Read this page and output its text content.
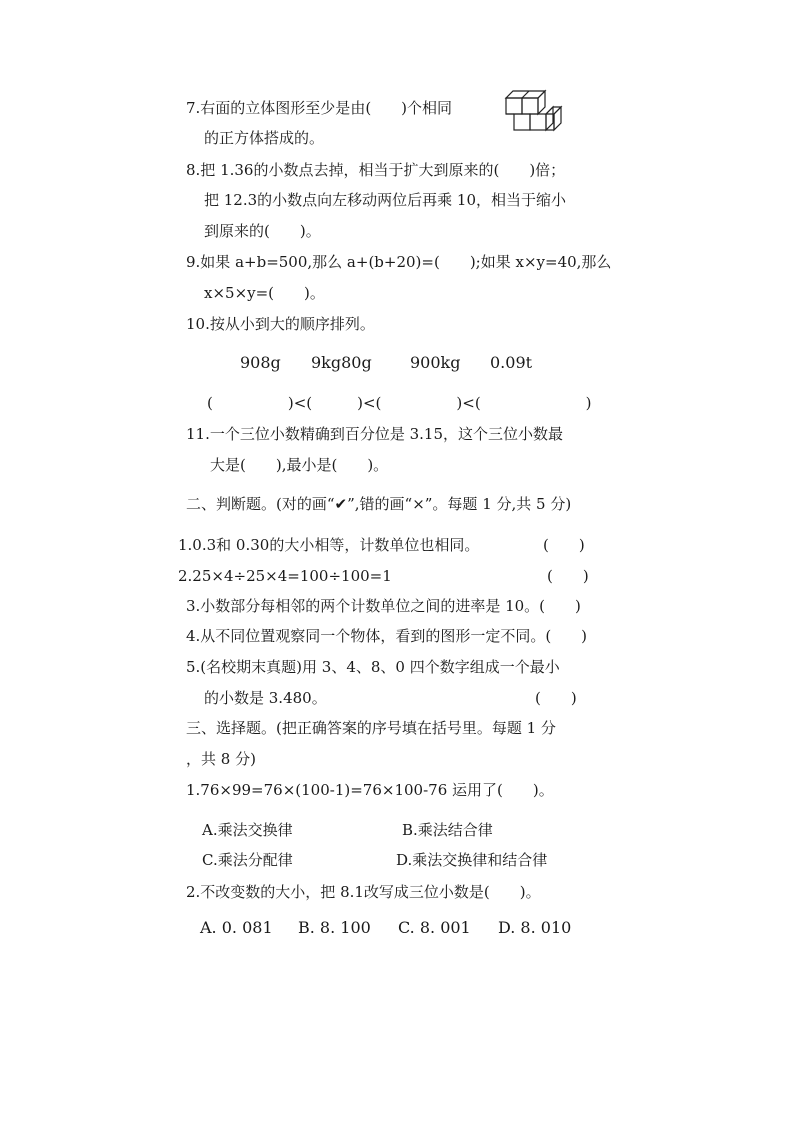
7.右面的立体图形至少是由(　　)个相同
的正方体搭成的。
8.把 1.36的小数点去掉，相当于扩大到原来的(　　)倍；
把 12.3的小数点向左移动两位后再乘 10，相当于缩小
到原来的(　　)。
9.如果 a+b=500,那么 a+(b+20)=(　　);如果 x×y=40,那么
x×5×y=(　　)。
10.按从小到大的顺序排列。
908g 9kg80g 900kg 0.09t
(　　　　　)<(　　　)<(　　　　　)<(　　　　　　　)
11.一个三位小数精确到百分位是 3.15，这个三位小数最
大是(　　),最小是(　　)。
二、判断题。(对的画“✔”,错的画“×”。每题 1 分,共 5 分)
1.0.3和 0.30的大小相等，计数单位也相同。	(　　)
2.25×4÷25×4=100÷100=1	(　　)
3.小数部分每相邻的两个计数单位之间的进率是 10。(　　)
4.从不同位置观察同一个物体，看到的图形一定不同。(　　)
5.(名校期末真题)用 3、4、8、0 四个数字组成一个最小
的小数是 3.480。	(　　)
三、选择题。(把正确答案的序号填在括号里。每题 1 分
，共 8 分)
1.76×99=76×(100-1)=76×100-76 运用了(　　)。
A.乘法交换律	B.乘法结合律
C.乘法分配律	D.乘法交换律和结合律
2.不改变数的大小，把 8.1改写成三位小数是(　　)。
A. 0. 081 B. 8. 100 C. 8. 001 D. 8. 010
